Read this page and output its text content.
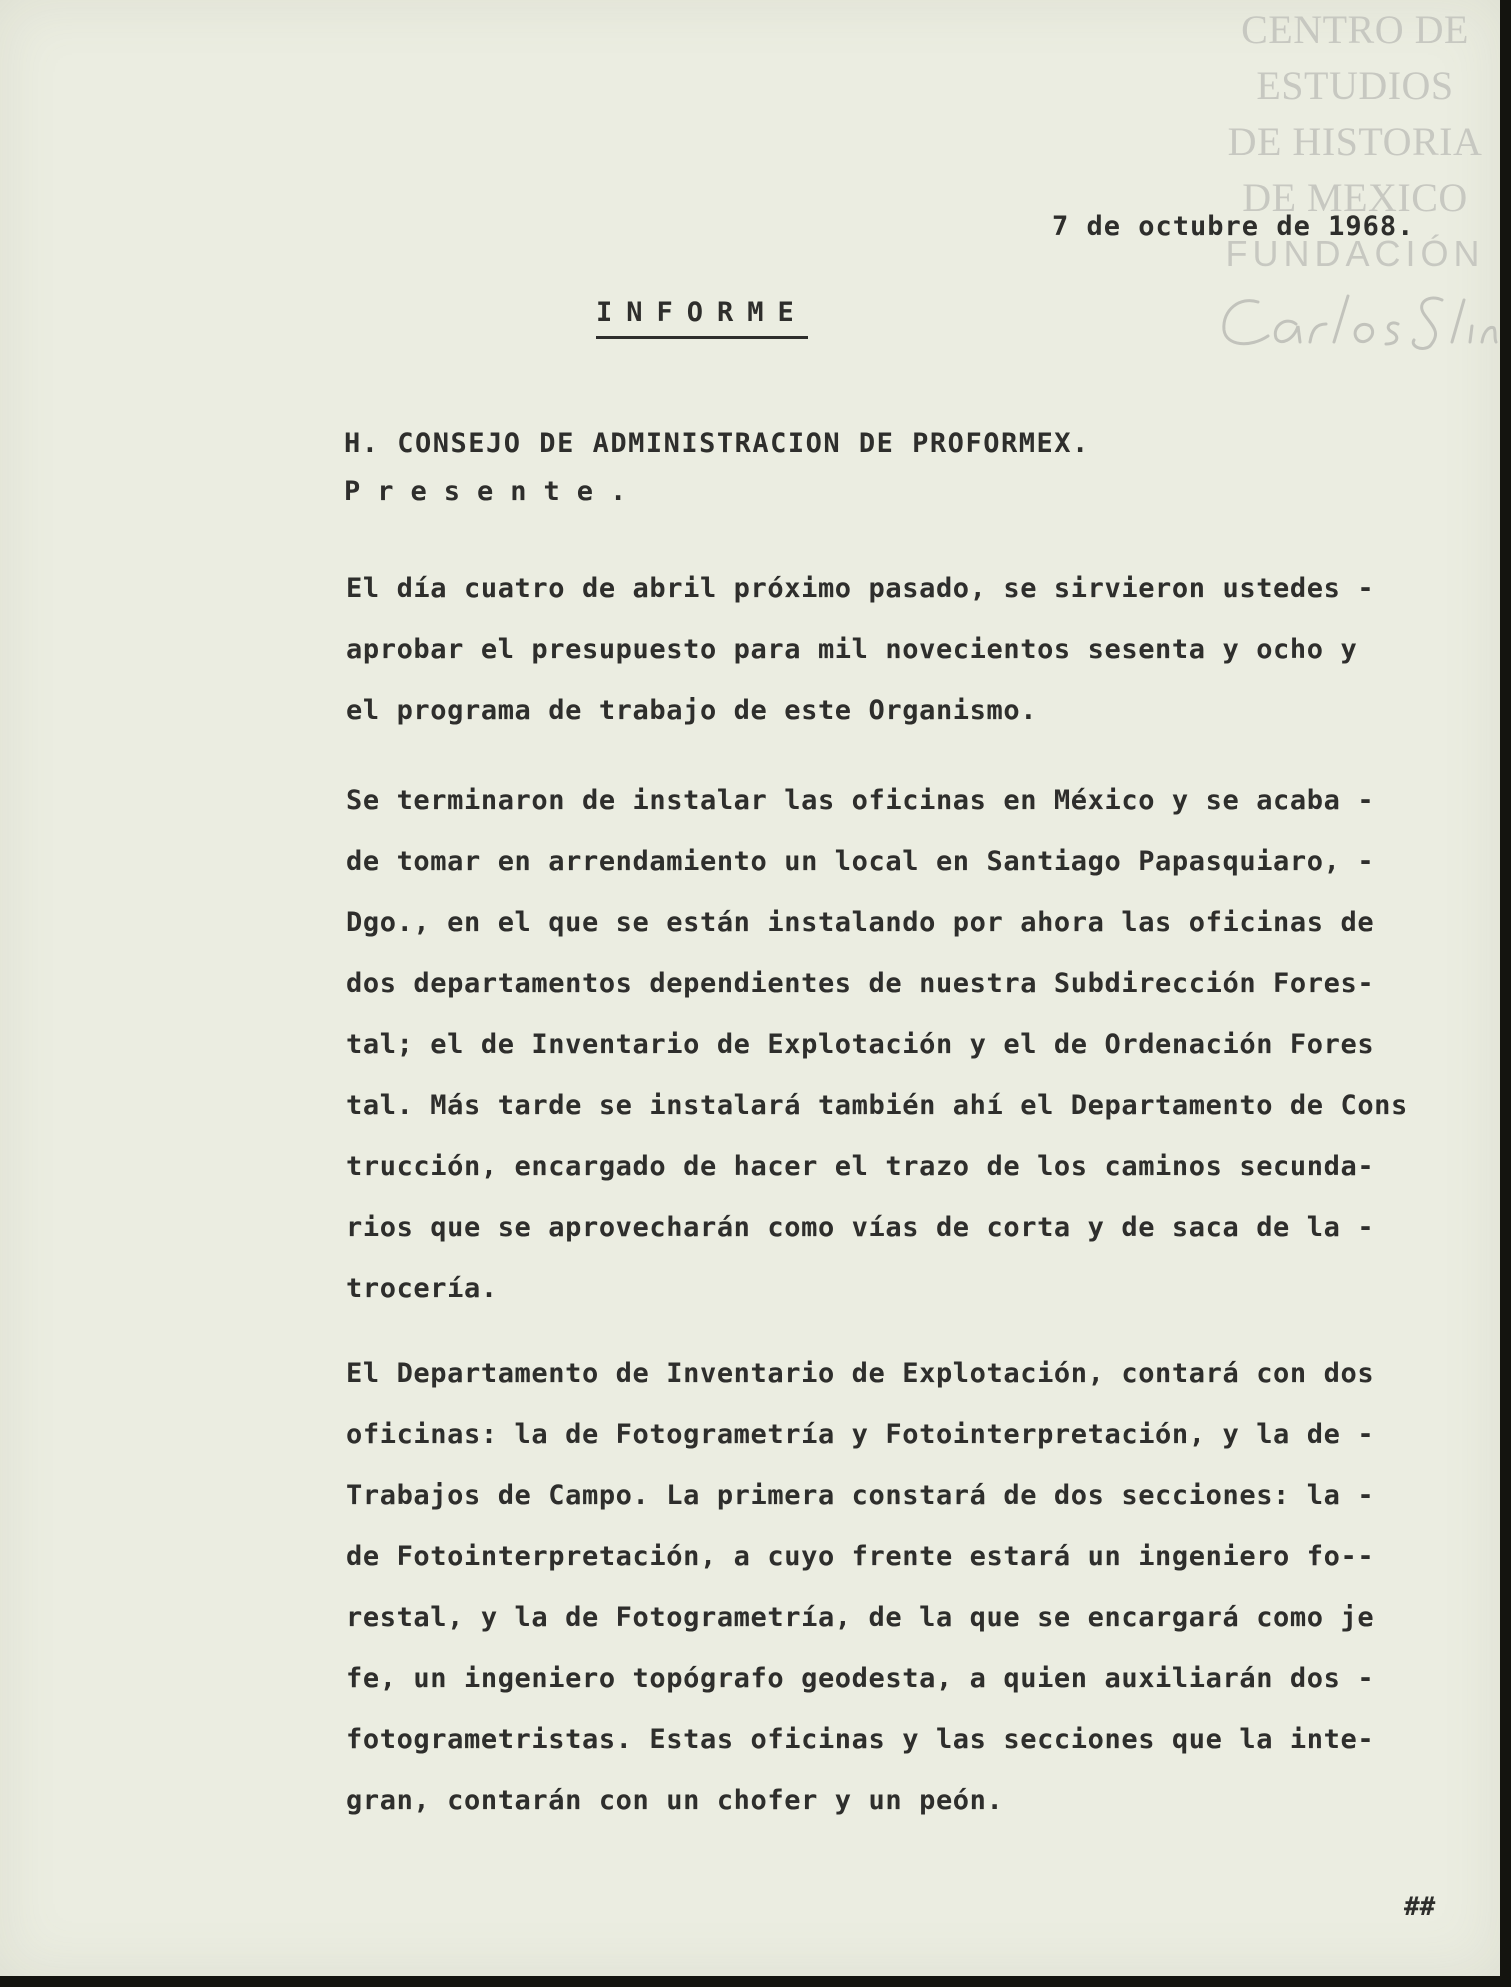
CENTRO DE
ESTUDIOS
DE HISTORIA
DE MEXICO
FUNDACIÓN
7 de octubre de 1968.
INFORME
H. CONSEJO DE ADMINISTRACION DE PROFORMEX.
Presente.
El día cuatro de abril próximo pasado, se sirvieron ustedes -
aprobar el presupuesto para mil novecientos sesenta y ocho y
el programa de trabajo de este Organismo.
Se terminaron de instalar las oficinas en México y se acaba -
de tomar en arrendamiento un local en Santiago Papasquiaro, -
Dgo., en el que se están instalando por ahora las oficinas de
dos departamentos dependientes de nuestra Subdirección Fores-
tal; el de Inventario de Explotación y el de Ordenación Fores
tal. Más tarde se instalará también ahí el Departamento de Cons
trucción, encargado de hacer el trazo de los caminos secunda-
rios que se aprovecharán como vías de corta y de saca de la -
trocería.
El Departamento de Inventario de Explotación, contará con dos
oficinas: la de Fotogrametría y Fotointerpretación, y la de -
Trabajos de Campo. La primera constará de dos secciones: la -
de Fotointerpretación, a cuyo frente estará un ingeniero fo--
restal, y la de Fotogrametría, de la que se encargará como je
fe, un ingeniero topógrafo geodesta, a quien auxiliarán dos -
fotogrametristas. Estas oficinas y las secciones que la inte-
gran, contarán con un chofer y un peón.
##
